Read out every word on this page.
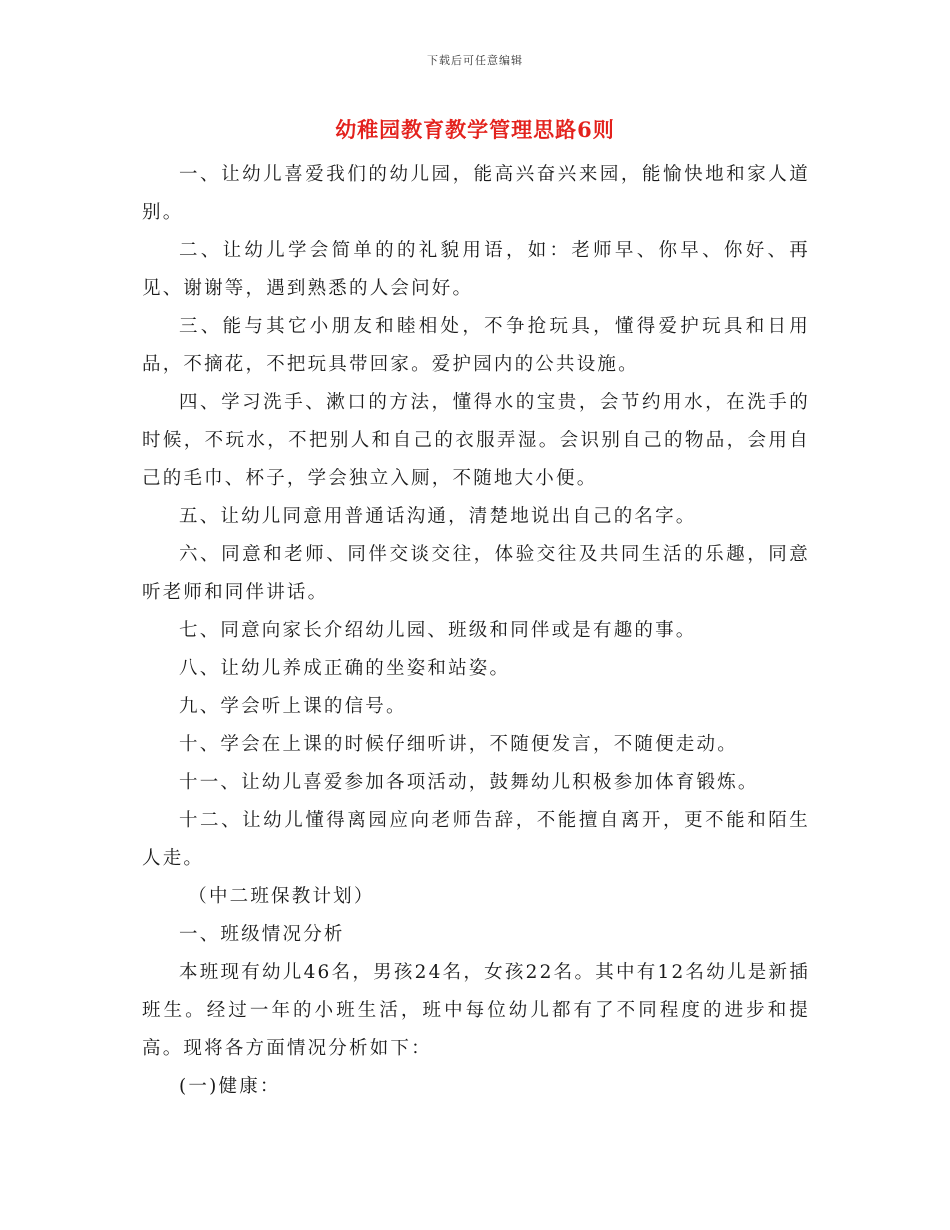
下载后可任意编辑
幼稚园教育教学管理思路6则

一、让幼儿喜爱我们的幼儿园，能高兴奋兴来园，能愉快地和家人道别。

二、让幼儿学会简单的的礼貌用语，如：老师早、你早、你好、再见、谢谢等，遇到熟悉的人会问好。

三、能与其它小朋友和睦相处，不争抢玩具，懂得爱护玩具和日用品，不摘花，不把玩具带回家。爱护园内的公共设施。

四、学习洗手、漱口的方法，懂得水的宝贵，会节约用水，在洗手的时候，不玩水，不把别人和自己的衣服弄湿。会识别自己的物品，会用自己的毛巾、杯子，学会独立入厕，不随地大小便。

五、让幼儿同意用普通话沟通，清楚地说出自己的名字。

六、同意和老师、同伴交谈交往，体验交往及共同生活的乐趣，同意听老师和同伴讲话。

七、同意向家长介绍幼儿园、班级和同伴或是有趣的事。

八、让幼儿养成正确的坐姿和站姿。

九、学会听上课的信号。

十、学会在上课的时候仔细听讲，不随便发言，不随便走动。

十一、让幼儿喜爱参加各项活动，鼓舞幼儿积极参加体育锻炼。

十二、让幼儿懂得离园应向老师告辞，不能擅自离开，更不能和陌生人走。

（中二班保教计划）

一、班级情况分析

本班现有幼儿46名，男孩24名，女孩22名。其中有12名幼儿是新插班生。经过一年的小班生活，班中每位幼儿都有了不同程度的进步和提高。现将各方面情况分析如下：

(一)健康：
